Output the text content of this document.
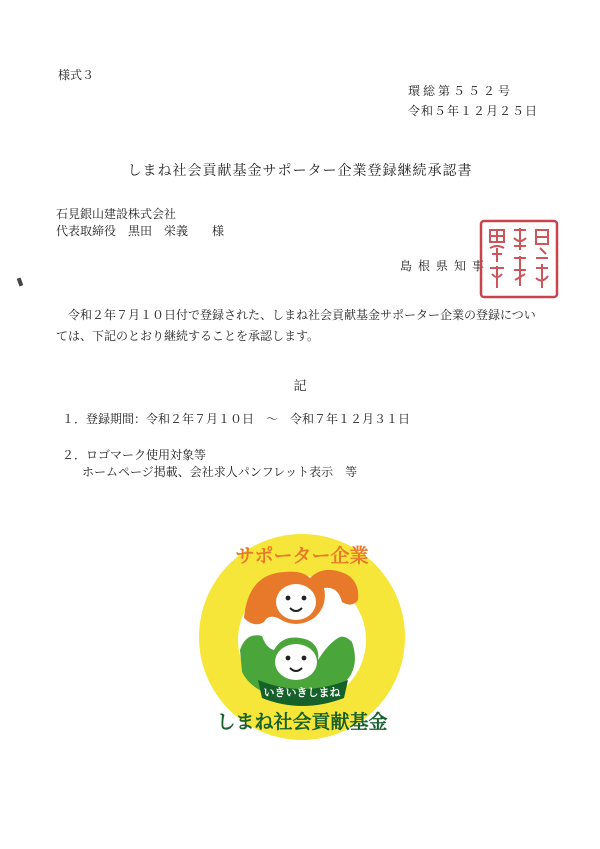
様式３
環総第５５２号
令和５年１２月２５日
しまね社会貢献基金サポーター企業登録継続承認書
石見銀山建設株式会社
代表取締役　黒田　栄義　　様
島根県知事
令和２年７月１０日付で登録された、しまね社会貢献基金サポーター企業の登録につい
ては、下記のとおり継続することを承認します。
記
１．登録期間：令和２年７月１０日　～　令和７年１２月３１日
２．ロゴマーク使用対象等
ホームページ掲載、会社求人パンフレット表示　等
いきいきしまね
サポーター企業
しまね社会貢献基金
